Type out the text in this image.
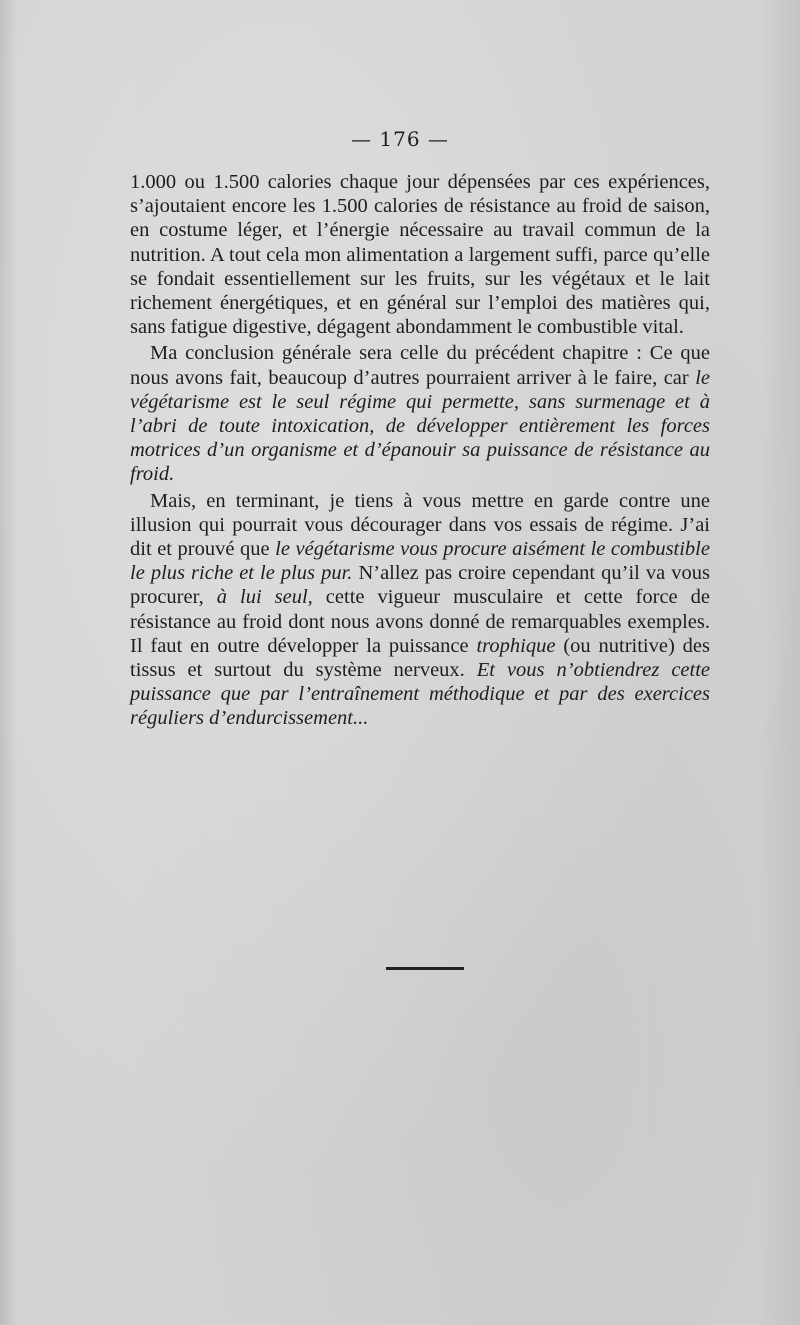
— 176 —

1.000 ou 1.500 calories chaque jour dépensées par ces expériences, s’ajoutaient encore les 1.500 calories de résistance au froid de saison, en costume léger, et l’énergie nécessaire au travail commun de la nutrition. A tout cela mon alimentation a largement suffi, parce qu’elle se fondait essentiellement sur les fruits, sur les végétaux et le lait richement énergétiques, et en général sur l’emploi des matières qui, sans fatigue digestive, dégagent abondamment le combustible vital.

Ma conclusion générale sera celle du précédent chapitre : Ce que nous avons fait, beaucoup d’autres pourraient arriver à le faire, car le végétarisme est le seul régime qui permette, sans surmenage et à l’abri de toute intoxication, de développer entièrement les forces motrices d’un organisme et d’épanouir sa puissance de résistance au froid.

Mais, en terminant, je tiens à vous mettre en garde contre une illusion qui pourrait vous décourager dans vos essais de régime. J’ai dit et prouvé que le végétarisme vous procure aisément le combustible le plus riche et le plus pur. N’allez pas croire cependant qu’il va vous procurer, à lui seul, cette vigueur musculaire et cette force de résistance au froid dont nous avons donné de remarquables exemples. Il faut en outre développer la puissance trophique (ou nutritive) des tissus et surtout du système nerveux. Et vous n’obtiendrez cette puissance que par l’entraînement méthodique et par des exercices réguliers d’endurcissement...
